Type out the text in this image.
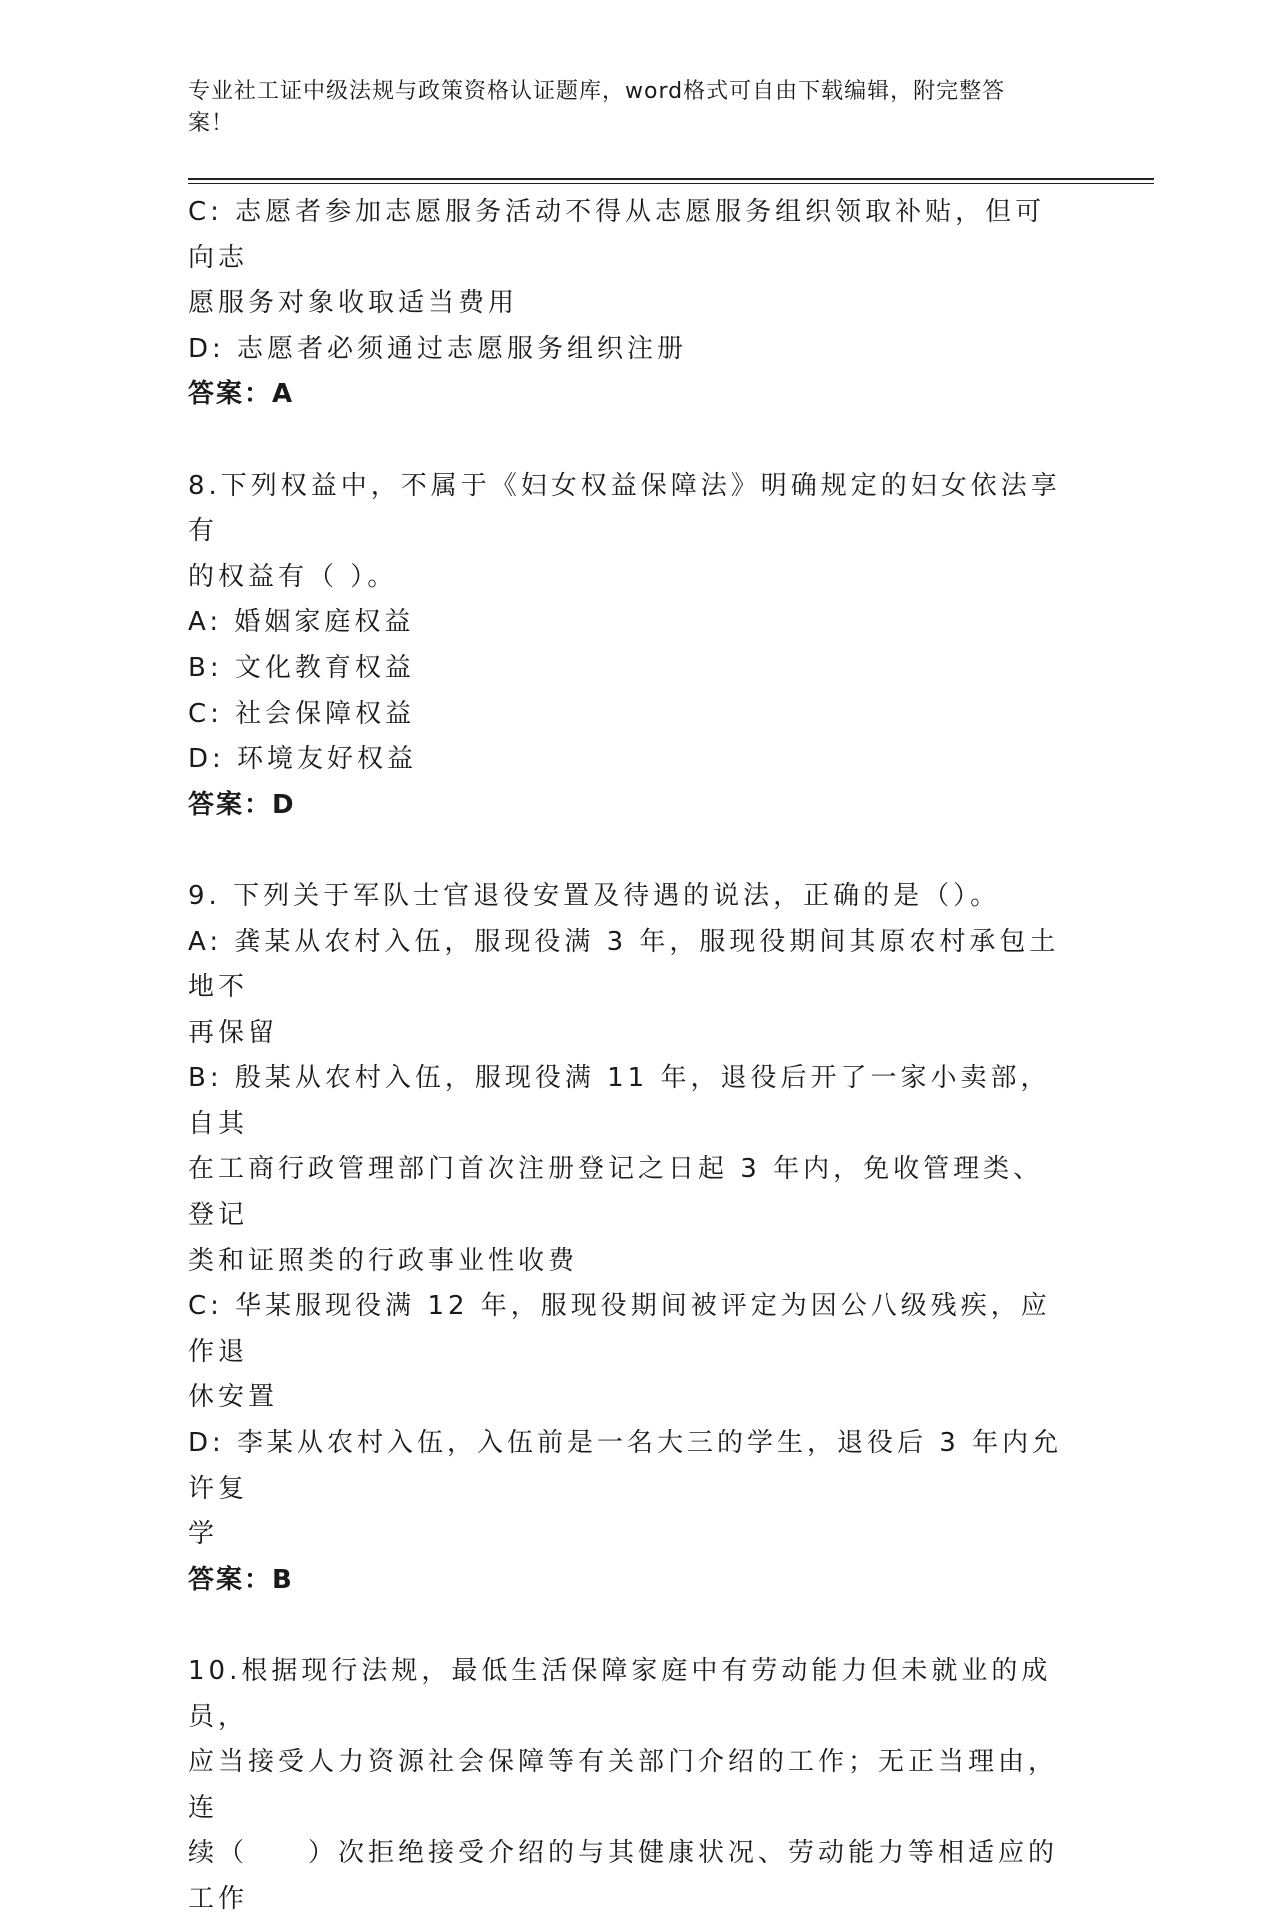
专业社工证中级法规与政策资格认证题库，word格式可自由下载编辑，附完整答
案！
C: 志愿者参加志愿服务活动不得从志愿服务组织领取补贴，但可向志
愿服务对象收取适当费用
D: 志愿者必须通过志愿服务组织注册
答案：A
8.下列权益中，不属于《妇女权益保障法》明确规定的妇女依法享有
的权益有（ ）。
A: 婚姻家庭权益
B: 文化教育权益
C: 社会保障权益
D: 环境友好权益
答案：D
9. 下列关于军队士官退役安置及待遇的说法，正确的是（）。
A: 龚某从农村入伍，服现役满 3 年，服现役期间其原农村承包土地不
再保留
B: 殷某从农村入伍，服现役满 11 年，退役后开了一家小卖部，自其
在工商行政管理部门首次注册登记之日起 3 年内，免收管理类、登记
类和证照类的行政事业性收费
C: 华某服现役满 12 年，服现役期间被评定为因公八级残疾，应作退
休安置
D: 李某从农村入伍，入伍前是一名大三的学生，退役后 3 年内允许复
学
答案：B
10.根据现行法规，最低生活保障家庭中有劳动能力但未就业的成员，
应当接受人力资源社会保障等有关部门介绍的工作；无正当理由，连
续（　　）次拒绝接受介绍的与其健康状况、劳动能力等相适应的工作
